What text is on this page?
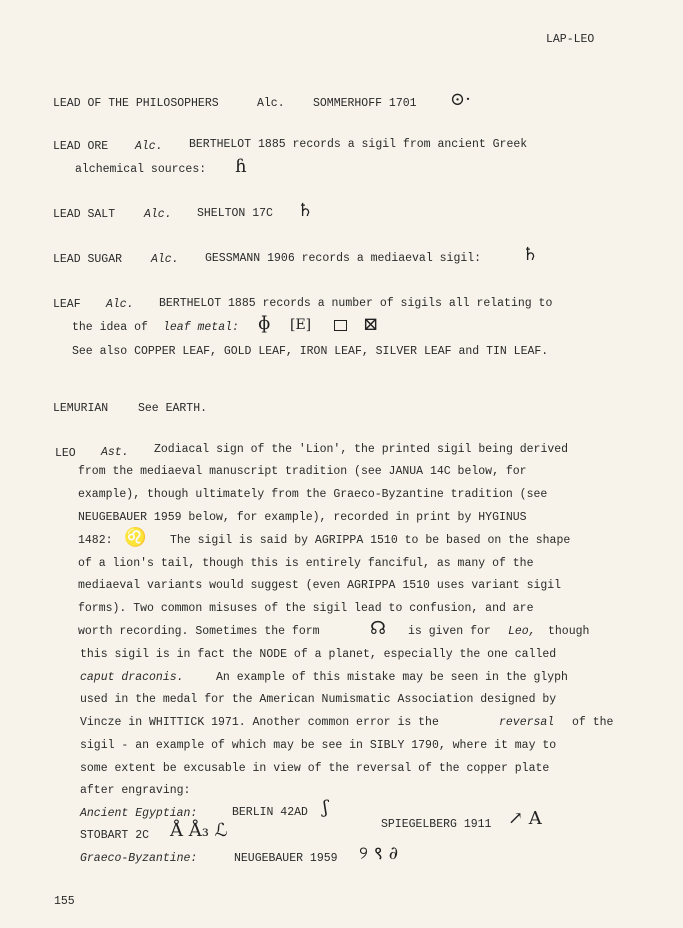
LAP-LEO
LEAD OF THE PHILOSOPHERS	Alc. SOMMERHOFF 1701 ⊙·
LEAD ORE Alc. BERTHELOT 1885 records a sigil from ancient Greek
alchemical sources: ɦ
LEAD SALT	Alc. SHELTON 17C ♄
LEAD SUGAR	Alc. GESSMANN 1906 records a mediaeval sigil: ♄
LEAF Alc. BERTHELOT 1885 records a number of sigils all relating to
the idea of leaf metal: ɸ [E]	⊠
See also COPPER LEAF, GOLD LEAF, IRON LEAF, SILVER LEAF and TIN LEAF.
LEMURIAN	See EARTH.
LEO Ast. Zodiacal sign of the 'Lion', the printed sigil being derived
from the mediaeval manuscript tradition (see JANUA 14C below, for
example), though ultimately from the Graeco-Byzantine tradition (see
NEUGEBAUER 1959 below, for example), recorded in print by HYGINUS
1482: ♌ The sigil is said by AGRIPPA 1510 to be based on the shape
of a lion's tail, though this is entirely fanciful, as many of the
mediaeval variants would suggest (even AGRIPPA 1510 uses variant sigil
forms). Two common misuses of the sigil lead to confusion, and are
worth recording. Sometimes the form	☊ is given for Leo, though
this sigil is in fact the NODE of a planet, especially the one called
caput draconis.	An example of this mistake may be seen in the glyph
used in the medal for the American Numismatic Association designed by
Vincze in WHITTICK 1971. Another common error is the	reversal of the
sigil - an example of which may be see in SIBLY 1790, where it may to
some extent be excusable in view of the reversal of the copper plate
after engraving:
Ancient Egyptian:	BERLIN 42AD ʃ
STOBART 2C Å Å₃ ℒ	SPIEGELBERG 1911 ↗ A
Graeco-Byzantine:	NEUGEBAUER 1959 ୨ ९ ∂
155
